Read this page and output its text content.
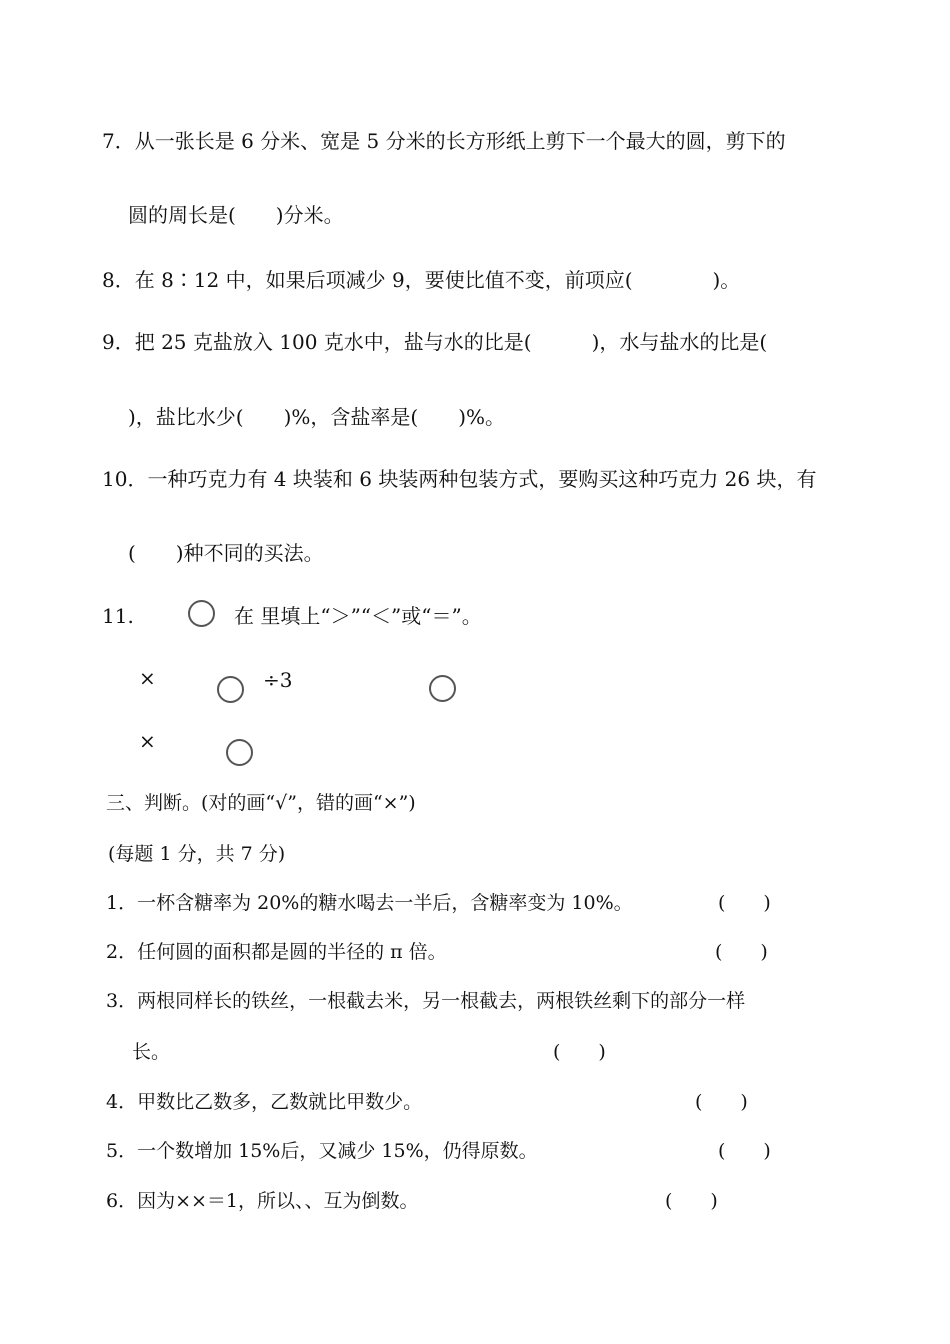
7．从一张长是 6 分米、宽是 5 分米的长方形纸上剪下一个最大的圆，剪下的
圆的周长是(　　)分米。
8．在 8∶12 中，如果后项减少 9，要使比值不变，前项应(　　　　)。
9．把 25 克盐放入 100 克水中，盐与水的比是(　　　)，水与盐水的比是(
)，盐比水少(　　)%，含盐率是(　　)%。
10．一种巧克力有 4 块装和 6 块装两种包装方式，要购买这种巧克力 26 块，有
(　　)种不同的买法。
11.	在 里填上“＞”“＜”或“＝”。
×	÷3
×
三、判断。(对的画“√”，错的画“×”)
(每题 1 分，共 7 分)
1．一杯含糖率为 20%的糖水喝去一半后，含糖率变为 10%。	(　　)
2．任何圆的面积都是圆的半径的 π 倍。	(　　)
3．两根同样长的铁丝，一根截去米，另一根截去，两根铁丝剩下的部分一样
长。	(　　)
4．甲数比乙数多，乙数就比甲数少。	(　　)
5．一个数增加 15%后，又减少 15%，仍得原数。	(　　)
6．因为××＝1，所以、、互为倒数。	(　　)
